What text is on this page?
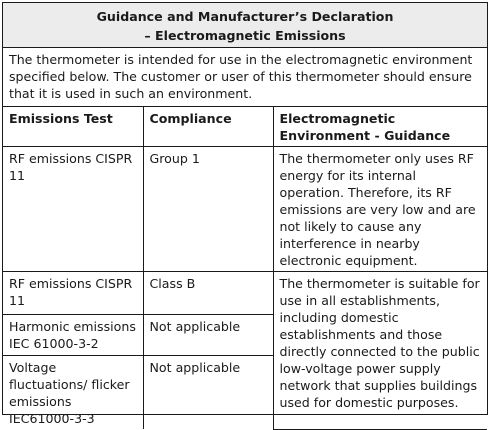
Guidance and Manufacturer’s Declaration
– Electromagnetic Emissions		

The thermometer is intended for use in the electromagnetic environment specified below. The customer or user of this thermometer should ensure that it is used in such an environment.		
Emissions Test	Compliance	Electromagnetic Environment - Guidance
RF emissions CISPR 11	Group 1	The thermometer only uses RF energy for its internal operation. Therefore, its RF emissions are very low and are not likely to cause any interference in nearby electronic equipment.
RF emissions CISPR 11	Class B	The thermometer is suitable for use in all establishments, including domestic establishments and those directly connected to the public low-voltage power supply network that supplies buildings used for domestic purposes.
Harmonic emissions IEC 61000-3-2	Not applicable	
Voltage fluctuations/ flicker emissions IEC61000-3-3	Not applicable	
